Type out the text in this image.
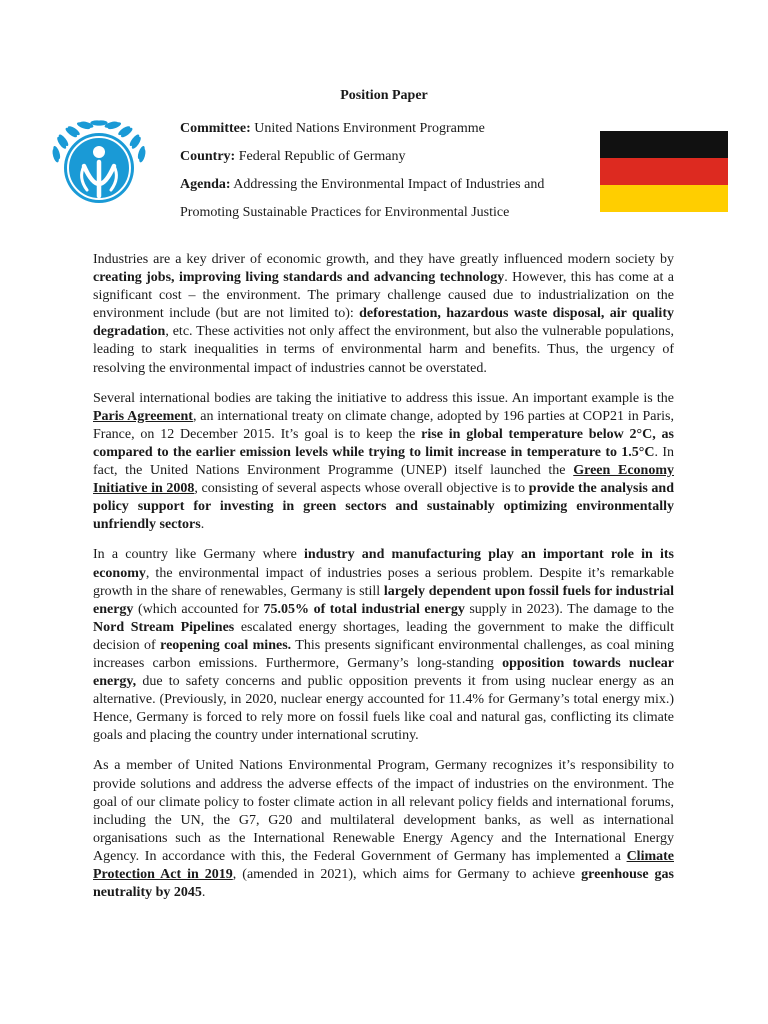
Position Paper
Committee: United Nations Environment Programme
Country: Federal Republic of Germany
Agenda: Addressing the Environmental Impact of Industries and
Promoting Sustainable Practices for Environmental Justice

Industries are a key driver of economic growth, and they have greatly influenced modern society by creating jobs, improving living standards and advancing technology. However, this has come at a significant cost – the environment. The primary challenge caused due to industrialization on the environment include (but are not limited to): deforestation, hazardous waste disposal, air quality degradation, etc. These activities not only affect the environment, but also the vulnerable populations, leading to stark inequalities in terms of environmental harm and benefits. Thus, the urgency of resolving the environmental impact of industries cannot be overstated.

Several international bodies are taking the initiative to address this issue. An important example is the Paris Agreement, an international treaty on climate change, adopted by 196 parties at COP21 in Paris, France, on 12 December 2015. It’s goal is to keep the rise in global temperature below 2°C, as compared to the earlier emission levels while trying to limit increase in temperature to 1.5°C. In fact, the United Nations Environment Programme (UNEP) itself launched the Green Economy Initiative in 2008, consisting of several aspects whose overall objective is to provide the analysis and policy support for investing in green sectors and sustainably optimizing environmentally unfriendly sectors.

In a country like Germany where industry and manufacturing play an important role in its economy, the environmental impact of industries poses a serious problem. Despite it’s remarkable growth in the share of renewables, Germany is still largely dependent upon fossil fuels for industrial energy (which accounted for 75.05% of total industrial energy supply in 2023). The damage to the Nord Stream Pipelines escalated energy shortages, leading the government to make the difficult decision of reopening coal mines. This presents significant environmental challenges, as coal mining increases carbon emissions. Furthermore, Germany’s long-standing opposition towards nuclear energy, due to safety concerns and public opposition prevents it from using nuclear energy as an alternative. (Previously, in 2020, nuclear energy accounted for 11.4% for Germany’s total energy mix.) Hence, Germany is forced to rely more on fossil fuels like coal and natural gas, conflicting its climate goals and placing the country under international scrutiny.

As a member of United Nations Environmental Program, Germany recognizes it’s responsibility to provide solutions and address the adverse effects of the impact of industries on the environment. The goal of our climate policy to foster climate action in all relevant policy fields and international forums, including the UN, the G7, G20 and multilateral development banks, as well as international organisations such as the International Renewable Energy Agency and the International Energy Agency. In accordance with this, the Federal Government of Germany has implemented a Climate Protection Act in 2019, (amended in 2021), which aims for Germany to achieve greenhouse gas neutrality by 2045.
